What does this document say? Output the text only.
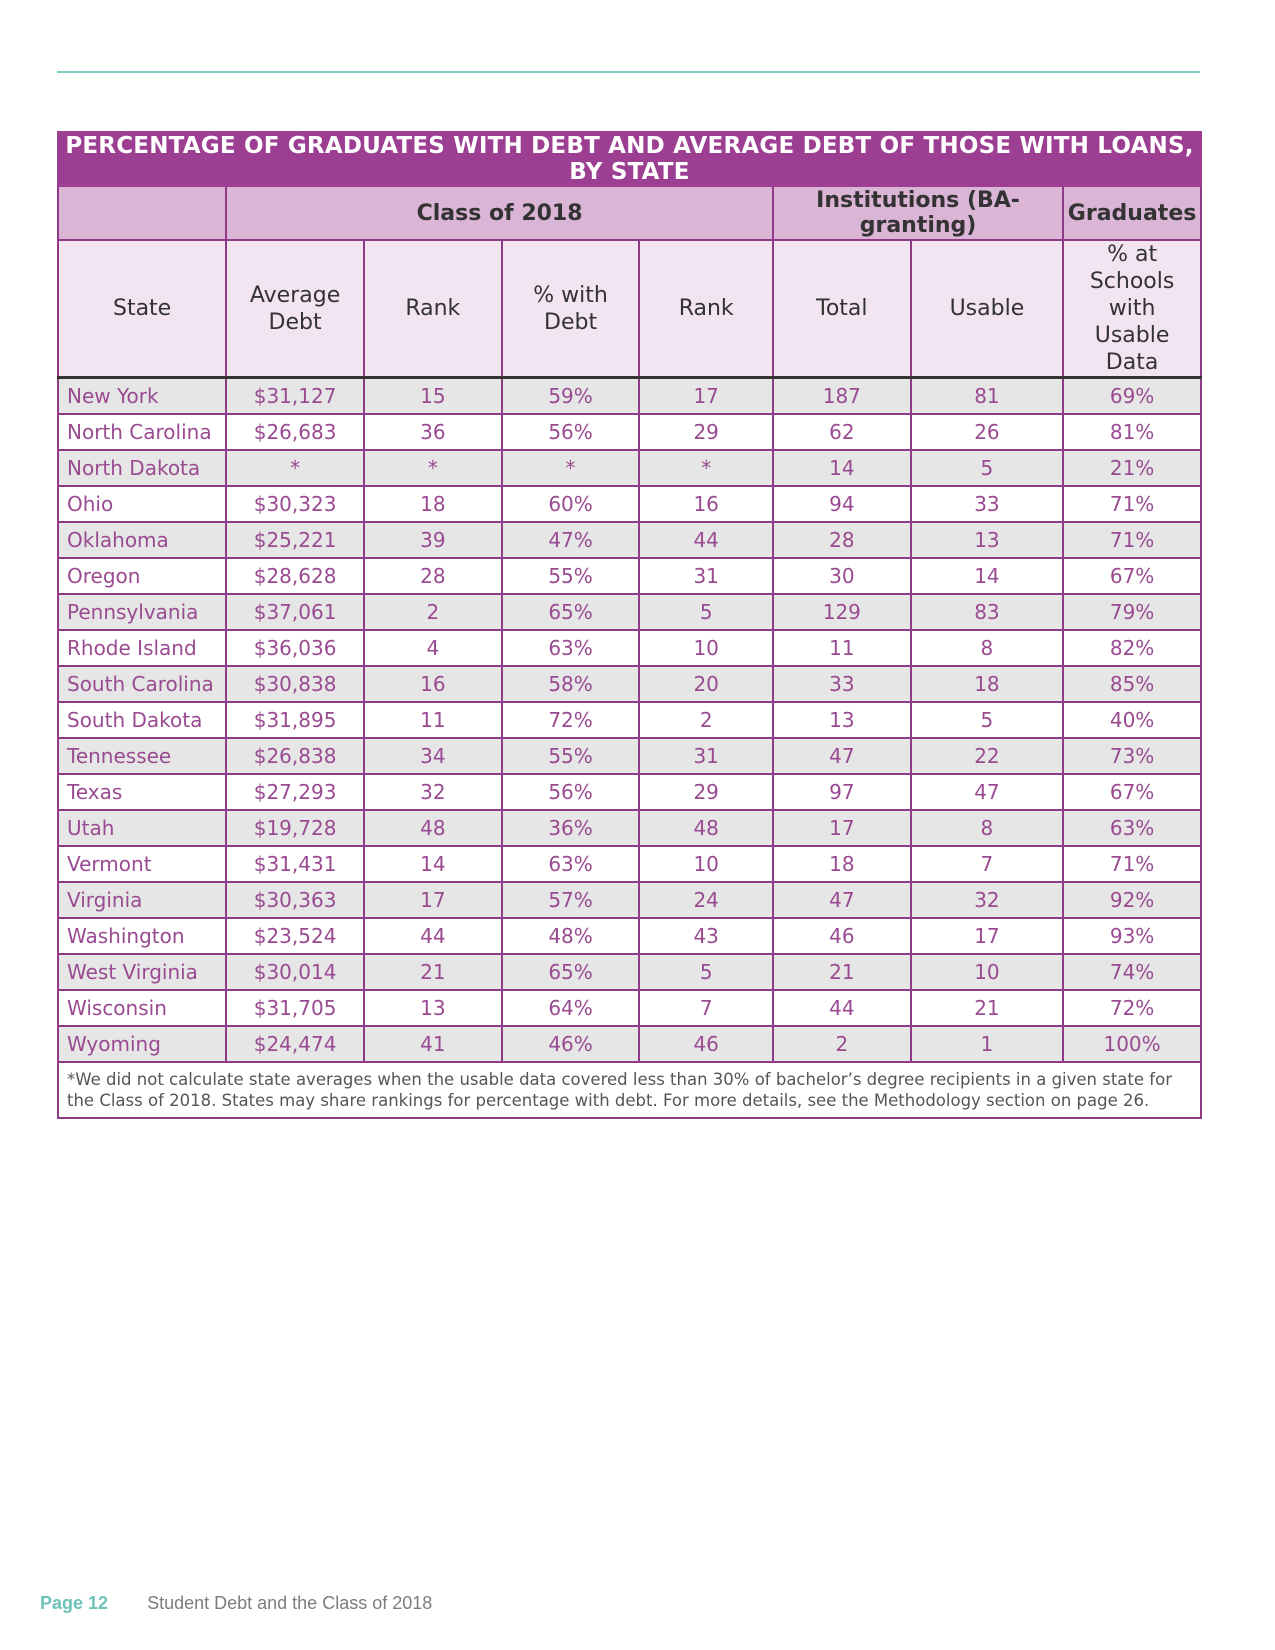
PERCENTAGE OF GRADUATES WITH DEBT AND AVERAGE DEBT OF THOSE WITH LOANS, BY STATE							
	Class of 2018				Institutions (BA-granting)		Graduates
State	Average Debt	Rank	% with Debt	Rank	Total	Usable	% at Schools with Usable Data
New York	$31,127	15	59%	17	187	81	69%
North Carolina	$26,683	36	56%	29	62	26	81%
North Dakota	*	*	*	*	14	5	21%
Ohio	$30,323	18	60%	16	94	33	71%
Oklahoma	$25,221	39	47%	44	28	13	71%
Oregon	$28,628	28	55%	31	30	14	67%
Pennsylvania	$37,061	2	65%	5	129	83	79%
Rhode Island	$36,036	4	63%	10	11	8	82%
South Carolina	$30,838	16	58%	20	33	18	85%
South Dakota	$31,895	11	72%	2	13	5	40%
Tennessee	$26,838	34	55%	31	47	22	73%
Texas	$27,293	32	56%	29	97	47	67%
Utah	$19,728	48	36%	48	17	8	63%
Vermont	$31,431	14	63%	10	18	7	71%
Virginia	$30,363	17	57%	24	47	32	92%
Washington	$23,524	44	48%	43	46	17	93%
West Virginia	$30,014	21	65%	5	21	10	74%
Wisconsin	$31,705	13	64%	7	44	21	72%
Wyoming	$24,474	41	46%	46	2	1	100%
*We did not calculate state averages when the usable data covered less than 30% of bachelor’s degree recipients in a given state for the Class of 2018. States may share rankings for percentage with debt. For more details, see the Methodology section on page 26.							
Page 12 Student Debt and the Class of 2018
